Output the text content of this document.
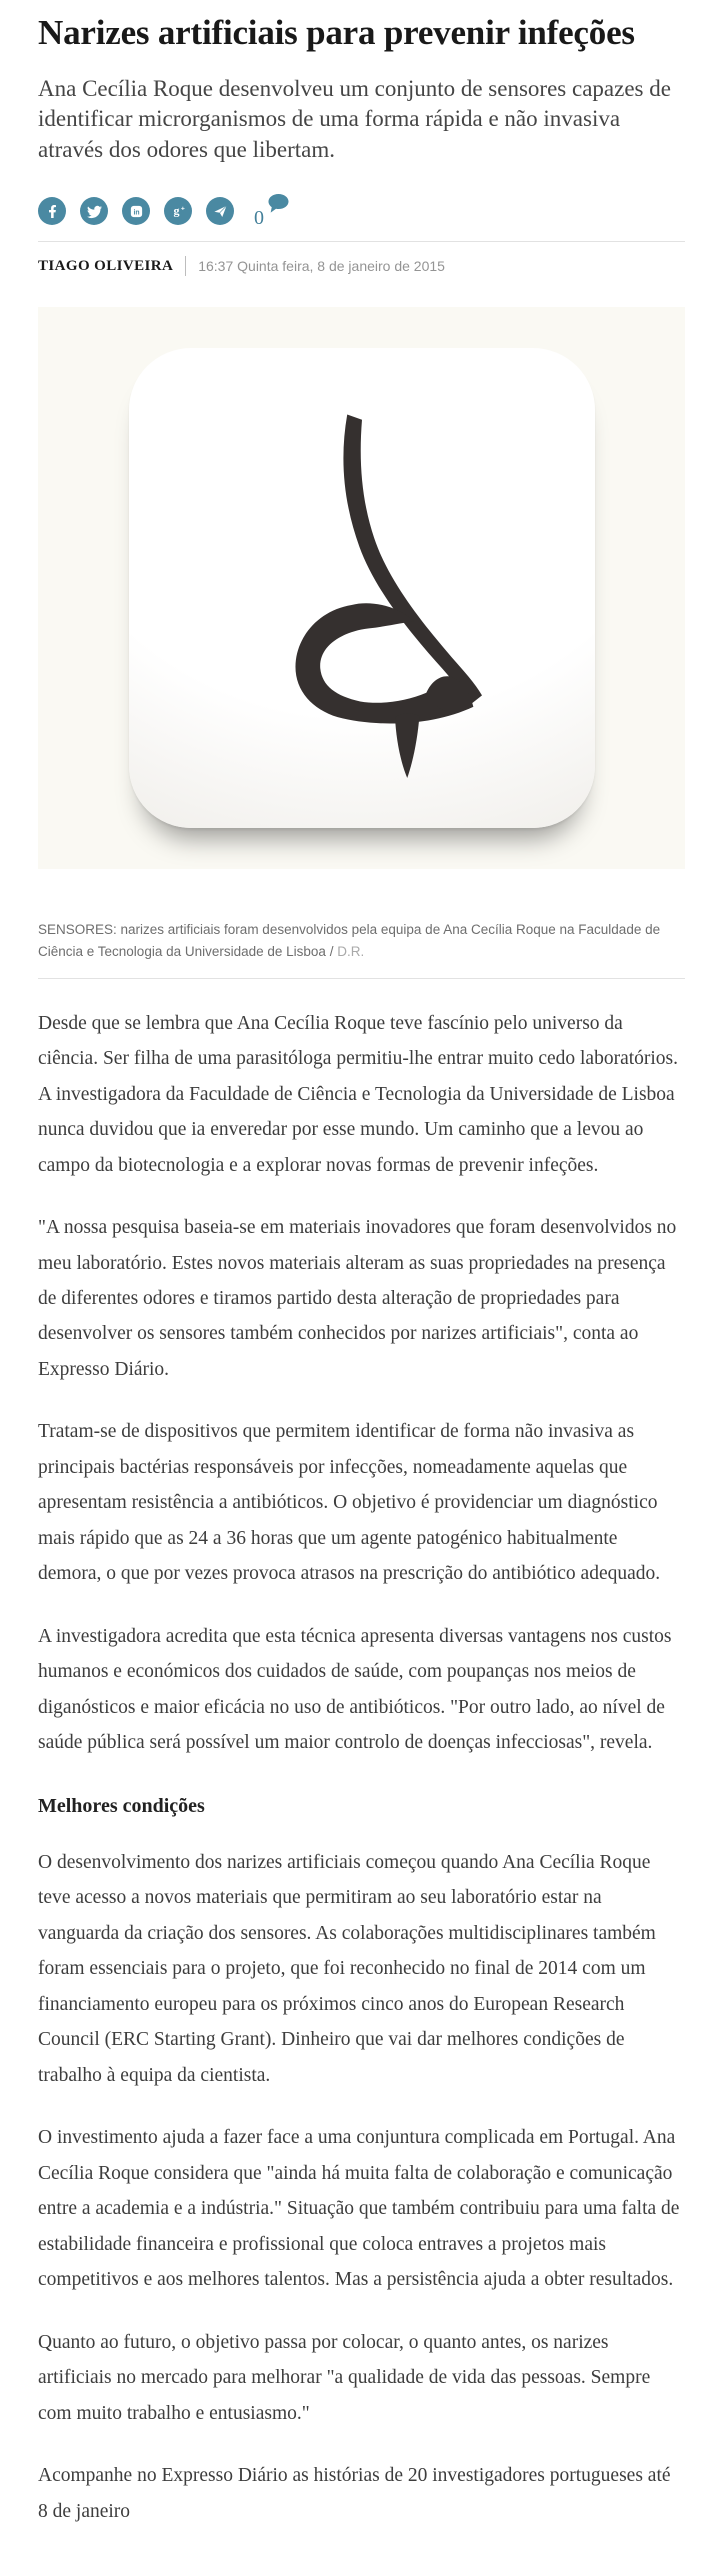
Narizes artificiais para prevenir infeções

Ana Cecília Roque desenvolveu um conjunto de sensores capazes de identificar microrganismos de uma forma rápida e não invasiva através dos odores que libertam.

in g +	0
TIAGO OLIVEIRA 16:37 Quinta feira, 8 de janeiro de 2015
SENSORES: narizes artificiais foram desenvolvidos pela equipa de Ana Cecília Roque na Faculdade de Ciência e Tecnologia da Universidade de Lisboa / D.R.

Desde que se lembra que Ana Cecília Roque teve fascínio pelo universo da ciência. Ser filha de uma parasitóloga permitiu-lhe entrar muito cedo laboratórios. A investigadora da Faculdade de Ciência e Tecnologia da Universidade de Lisboa nunca duvidou que ia enveredar por esse mundo. Um caminho que a levou ao campo da biotecnologia e a explorar novas formas de prevenir infeções.

"A nossa pesquisa baseia-se em materiais inovadores que foram desenvolvidos no meu laboratório. Estes novos materiais alteram as suas propriedades na presença de diferentes odores e tiramos partido desta alteração de propriedades para desenvolver os sensores também conhecidos por narizes artificiais", conta ao Expresso Diário.

Tratam-se de dispositivos que permitem identificar de forma não invasiva as principais bactérias responsáveis por infecções, nomeadamente aquelas que apresentam resistência a antibióticos. O objetivo é providenciar um diagnóstico mais rápido que as 24 a 36 horas que um agente patogénico habitualmente demora, o que por vezes provoca atrasos na prescrição do antibiótico adequado.

A investigadora acredita que esta técnica apresenta diversas vantagens nos custos humanos e económicos dos cuidados de saúde, com poupanças nos meios de diganósticos e maior eficácia no uso de antibióticos. "Por outro lado, ao nível de saúde pública será possível um maior controlo de doenças infecciosas", revela.

Melhores condições

O desenvolvimento dos narizes artificiais começou quando Ana Cecília Roque teve acesso a novos materiais que permitiram ao seu laboratório estar na vanguarda da criação dos sensores. As colaborações multidisciplinares também foram essenciais para o projeto, que foi reconhecido no final de 2014 com um financiamento europeu para os próximos cinco anos do European Research Council (ERC Starting Grant). Dinheiro que vai dar melhores condições de trabalho à equipa da cientista.

O investimento ajuda a fazer face a uma conjuntura complicada em Portugal. Ana Cecília Roque considera que "ainda há muita falta de colaboração e comunicação entre a academia e a indústria." Situação que também contribuiu para uma falta de estabilidade financeira e profissional que coloca entraves a projetos mais competitivos e aos melhores talentos. Mas a persistência ajuda a obter resultados.

Quanto ao futuro, o objetivo passa por colocar, o quanto antes, os narizes artificiais no mercado para melhorar "a qualidade de vida das pessoas. Sempre com muito trabalho e entusiasmo."

Acompanhe no Expresso Diário as histórias de 20 investigadores portugueses até 8 de janeiro
